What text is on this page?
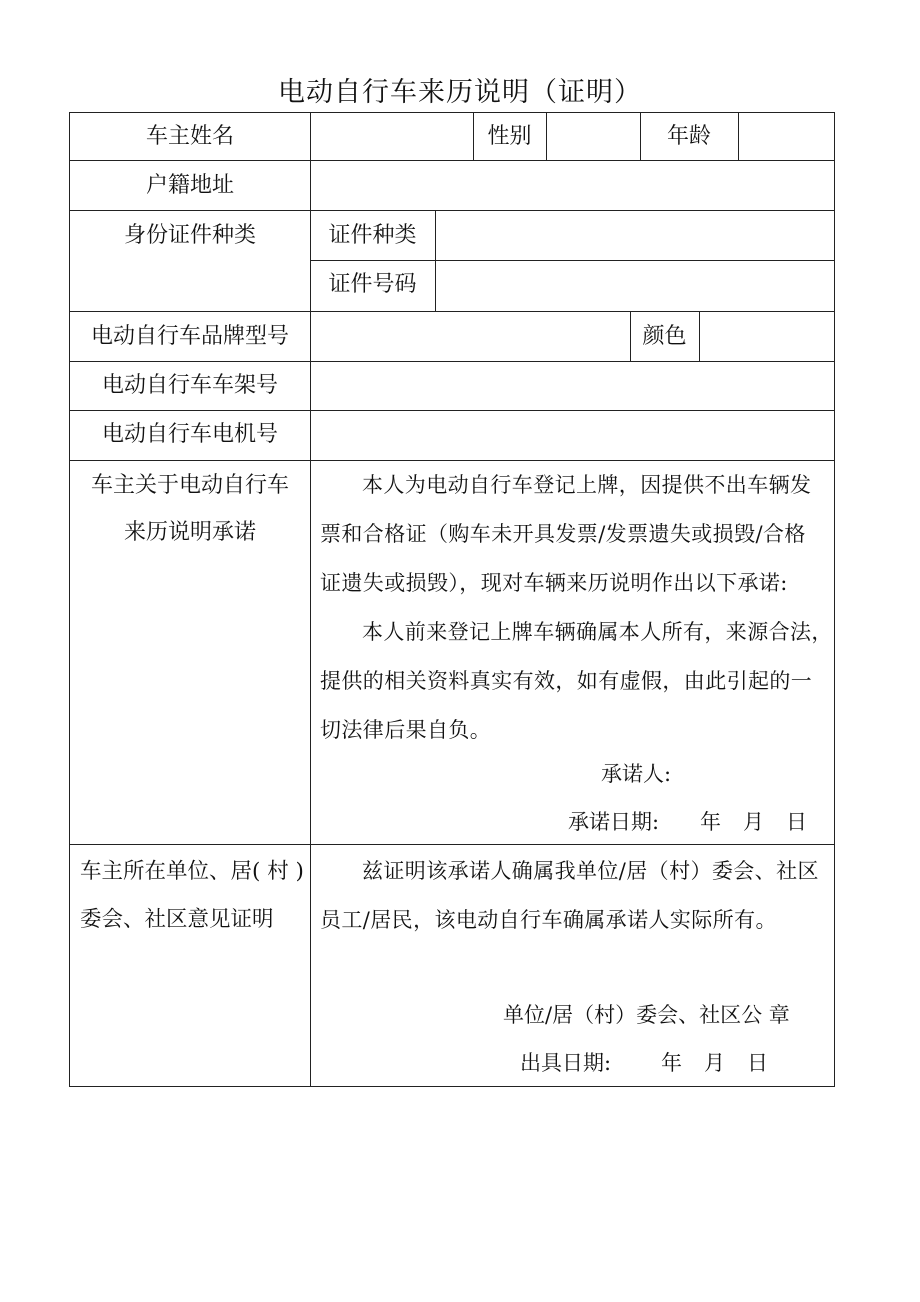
电动自行车来历说明（证明）
车主姓名	性别	年龄
户籍地址
身份证件种类	证件种类
证件号码
电动自行车品牌型号	颜色
电动自行车车架号
电动自行车电机号
车主关于电动自行车
来历说明承诺

本人为电动自行车登记上牌，因提供不出车辆发

票和合格证（购车未开具发票/发票遗失或损毁/合格

证遗失或损毁），现对车辆来历说明作出以下承诺:

本人前来登记上牌车辆确属本人所有，来源合法，

提供的相关资料真实有效，如有虚假，由此引起的一

切法律后果自负。

承诺人:
承诺日期: 年 月 日
车主所在单位、居( 村 )
委会、社区意见证明

兹证明该承诺人确属我单位/居（村）委会、社区

员工/居民，该电动自行车确属承诺人实际所有。

单位/居（村）委会、社区公 章
出具日期: 年 月 日
